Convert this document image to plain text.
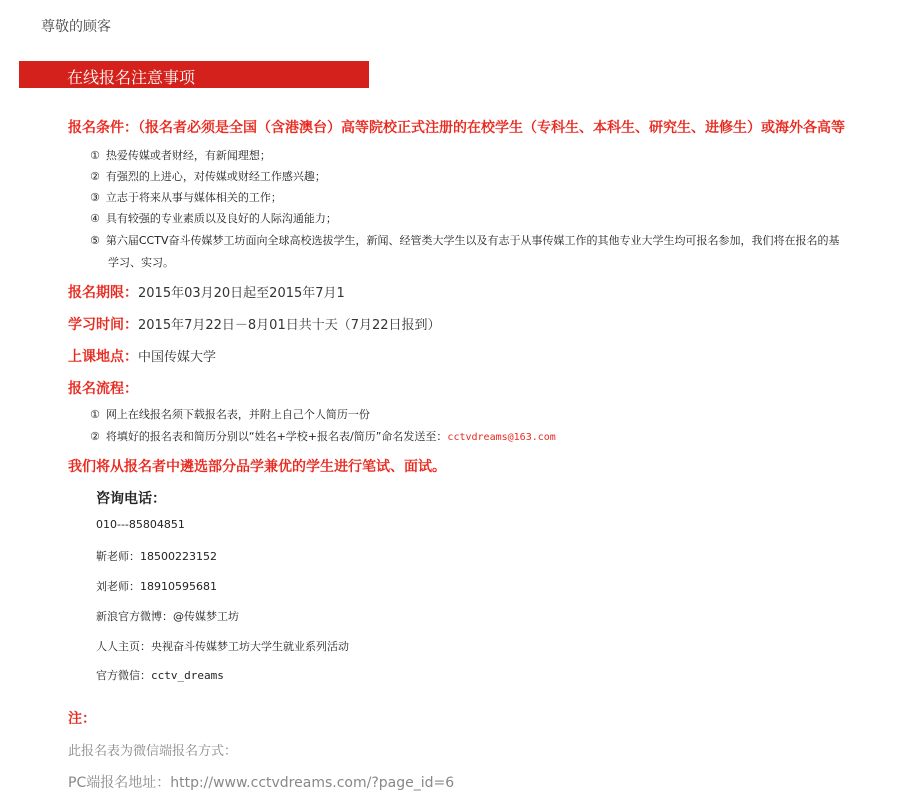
尊敬的顾客
在线报名注意事项
报名条件：（报名者必须是全国（含港澳台）高等院校正式注册的在校学生（专科生、本科生、研究生、进修生）或海外各高等
① 热爱传媒或者财经，有新闻理想；
② 有强烈的上进心，对传媒或财经工作感兴趣；
③ 立志于将来从事与媒体相关的工作；
④ 具有较强的专业素质以及良好的人际沟通能力；
⑤ 第六届CCTV奋斗传媒梦工坊面向全球高校选拔学生，新闻、经管类大学生以及有志于从事传媒工作的其他专业大学生均可报名参加，我们将在报名的基
学习、实习。
报名期限：2015年03月20日起至2015年7月1
学习时间：2015年7月22日－8月01日共十天（7月22日报到）
上课地点：中国传媒大学
报名流程：
① 网上在线报名须下载报名表，并附上自己个人简历一份
② 将填好的报名表和简历分别以“姓名+学校+报名表/简历”命名发送至：cctvdreams@163.com
我们将从报名者中遴选部分品学兼优的学生进行笔试、面试。
咨询电话：
010---85804851
靳老师：18500223152
刘老师：18910595681
新浪官方微博：@传媒梦工坊
人人主页：央视奋斗传媒梦工坊大学生就业系列活动
官方微信：cctv_dreams
注：
此报名表为微信端报名方式：
PC端报名地址：http://www.cctvdreams.com/?page_id=6
